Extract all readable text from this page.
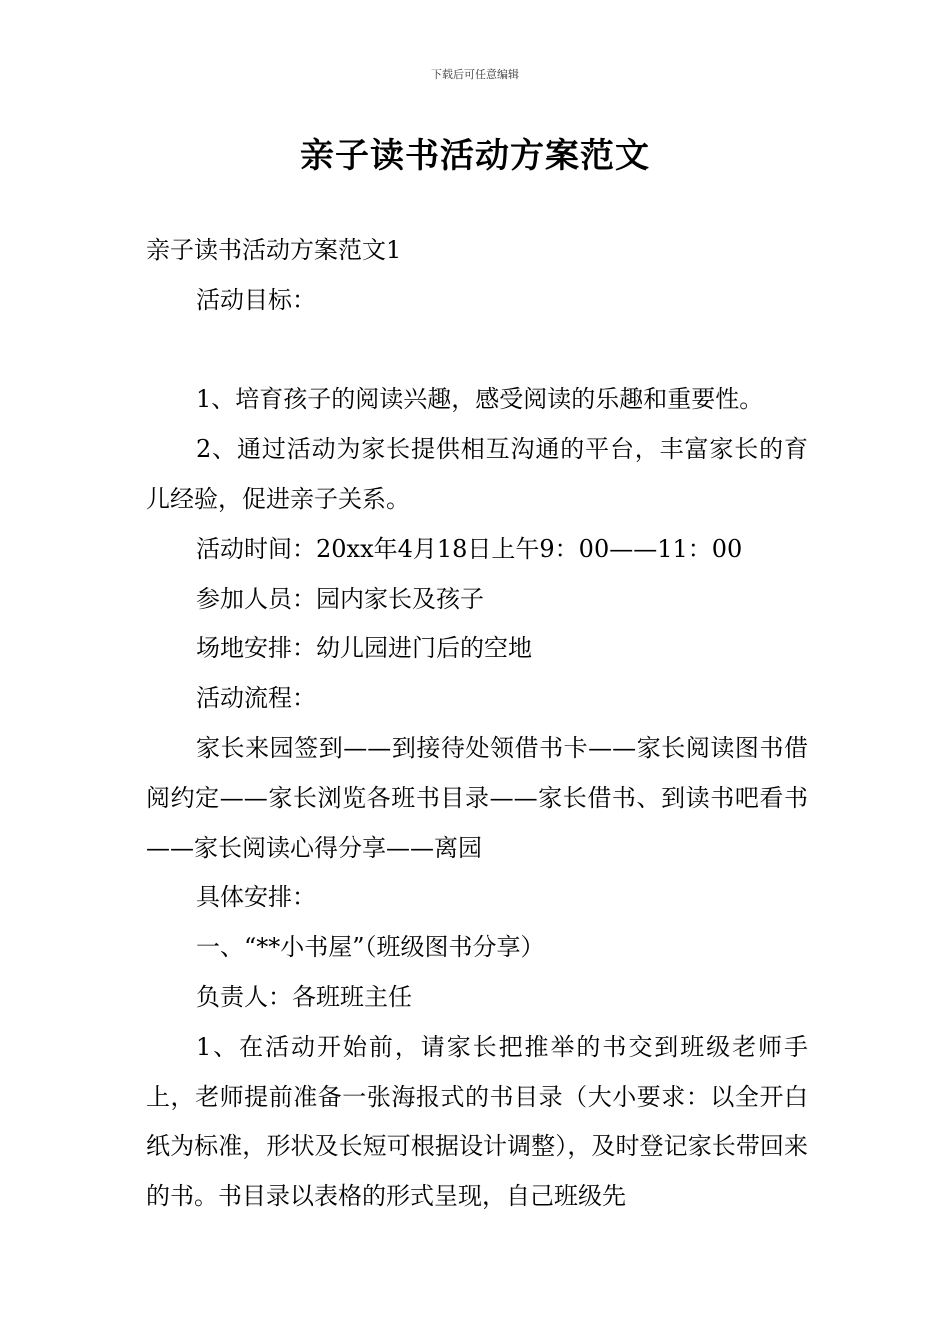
下载后可任意编辑
亲子读书活动方案范文

亲子读书活动方案范文1

活动目标：

1、培育孩子的阅读兴趣，感受阅读的乐趣和重要性。

2、通过活动为家长提供相互沟通的平台，丰富家长的育儿经验，促进亲子关系。

活动时间：20xx年4月18日上午9：00——11：00

参加人员：园内家长及孩子

场地安排：幼儿园进门后的空地

活动流程：

家长来园签到——到接待处领借书卡——家长阅读图书借阅约定——家长浏览各班书目录——家长借书、到读书吧看书——家长阅读心得分享——离园

具体安排：

一、“**小书屋”（班级图书分享）

负责人：各班班主任

1、在活动开始前，请家长把推举的书交到班级老师手上，老师提前准备一张海报式的书目录（大小要求：以全开白纸为标准，形状及长短可根据设计调整），及时登记家长带回来的书。书目录以表格的形式呈现，自己班级先
